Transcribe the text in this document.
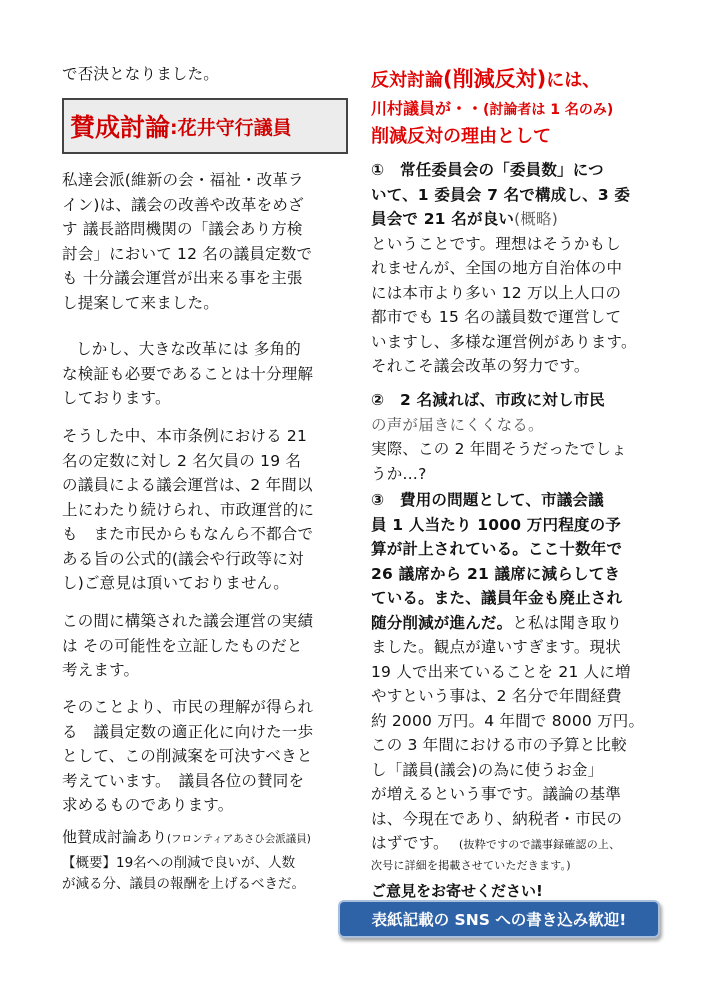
で否決となりました。

賛成討論 :花井守行議員
私達会派(維新の会・福祉・改革ラ
イン)は、議会の改善や改革をめざ
す 議長諮問機関の「議会あり方検
討会」において 12 名の議員定数で
も 十分議会運営が出来る事を主張
し提案して来ました。
しかし、大きな改革には 多角的
な検証も必要であることは十分理解
しております。
そうした中、本市条例における 21
名の定数に対し 2 名欠員の 19 名
の議員による議会運営は、2 年間以
上にわたり続けられ、市政運営的に
も　また市民からもなんら不都合で
ある旨の公式的(議会や行政等に対
し)ご意見は頂いておりません。
この間に構築された議会運営の実績
は その可能性を立証したものだと
考えます。
そのことより、市民の理解が得られ
る　議員定数の適正化に向けた一歩
として、この削減案を可決すべきと
考えています。　議員各位の賛同を
求めるものであります。
他賛成討論あり(フロンティアあさひ会派議員)
【概要】19名への削減で良いが、人数
が減る分、議員の報酬を上げるべきだ。
反対討論(削減反対)には、
川村議員が・・(討論者は 1 名のみ)
削減反対の理由として
①　常任委員会の「委員数」につ
いて、1 委員会 7 名で構成し、3 委
員会で 21 名が良い(概略)
ということです。理想はそうかもし
れませんが、全国の地方自治体の中
には本市より多い 12 万以上人口の
都市でも 15 名の議員数で運営して
いますし、多様な運営例があります。
それこそ議会改革の努力です。
②　2 名減れば、市政に対し市民
の声が届きにくくなる。
実際、この 2 年間そうだったでしょ
うか…?
③　費用の問題として、市議会議
員 1 人当たり 1000 万円程度の予
算が計上されている。ここ十数年で
26 議席から 21 議席に減らしてき
ている。また、議員年金も廃止され
随分削減が進んだ。と私は聞き取り
ました。観点が違いすぎます。現状
19 人で出来ていることを 21 人に増
やすという事は、2 名分で年間経費
約 2000 万円。4 年間で 8000 万円。
この 3 年間における市の予算と比較
し「議員(議会)の為に使うお金」
が増えるという事です。議論の基準
は、今現在であり、納税者・市民の
はずです。 (抜粋ですので議事録確認の上、
次号に詳細を掲載させていただきます。)
ご意見をお寄せください!
表紙記載の SNS への書き込み歓迎!
